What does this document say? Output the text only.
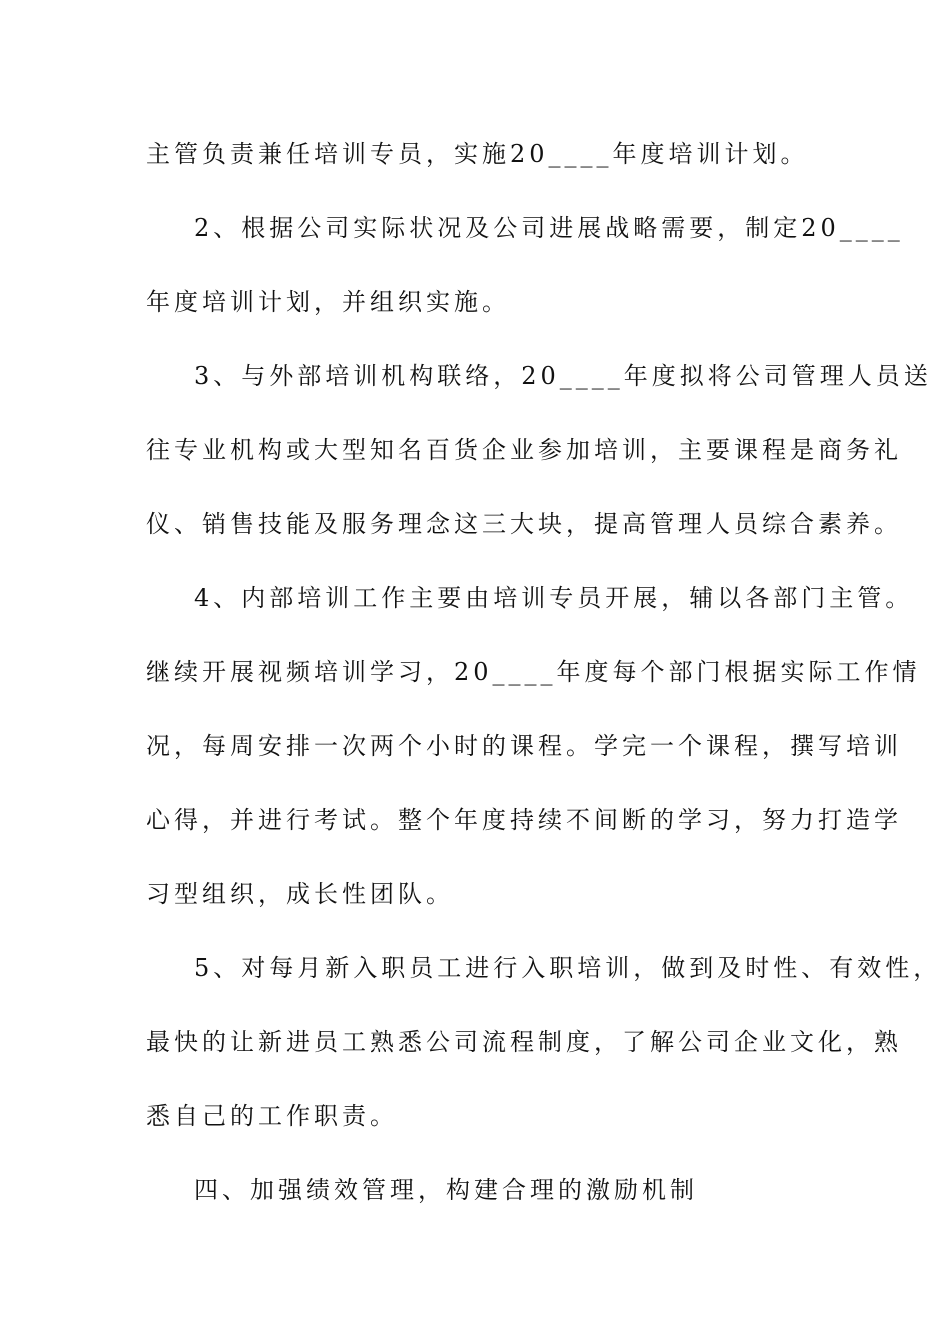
主管负责兼任培训专员，实施20____年度培训计划。

2、根据公司实际状况及公司进展战略需要，制定20____

年度培训计划，并组织实施。

3、与外部培训机构联络，20____年度拟将公司管理人员送

往专业机构或大型知名百货企业参加培训，主要课程是商务礼

仪、销售技能及服务理念这三大块，提高管理人员综合素养。

4、内部培训工作主要由培训专员开展，辅以各部门主管。

继续开展视频培训学习，20____年度每个部门根据实际工作情

况，每周安排一次两个小时的课程。学完一个课程，撰写培训

心得，并进行考试。整个年度持续不间断的学习，努力打造学

习型组织，成长性团队。

5、对每月新入职员工进行入职培训，做到及时性、有效性，

最快的让新进员工熟悉公司流程制度，了解公司企业文化，熟

悉自己的工作职责。

四、加强绩效管理，构建合理的激励机制
